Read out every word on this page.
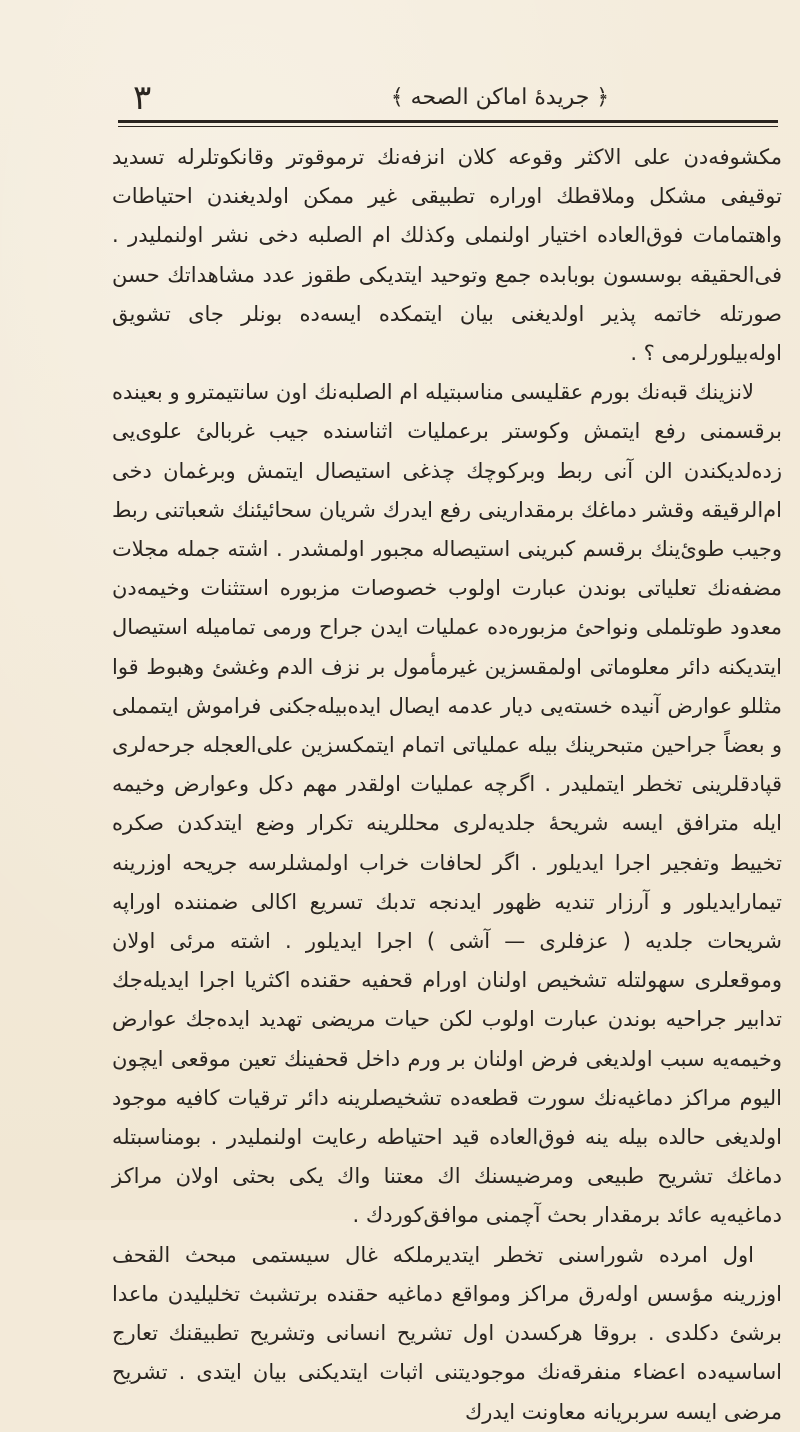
٣	﴿ جريدهٔ اماكن الصحه ﴾

مكشوفه‌دن على الاكثر وقوعه كلان انزفه‌نك ترموقوتر وقانكوتلرله تسديد توقيفى مشكل وملاقطك اوراره تطبيقى غير ممكن اولديغندن احتياطات واهتمامات فوق‌العاده اختيار اولنملى وكذلك ام الصلبه دخى نشر اولنمليدر . فى‌الحقيقه بوسسون بوبابده جمع وتوحيد ايتديكى طقوز عدد مشاهداتك حسن صورتله خاتمه پذير اولديغنى بيان ايتمكده ايسه‌ده بونلر جاى تشويق اوله‌بيلورلرمى ؟ .

لانزينك قبه‌نك بورم عقليسى مناسبتيله ام الصلبه‌نك اون سانتيمترو و بعينده برقسمنى رفع ايتمش وكوستر برعمليات اثناسنده جيب غربالئ علوى‌يى زده‌لديكندن الن آنى ربط وبركوچك چذغى استيصال ايتمش وبرغمان دخى ام‌الرقيقه وقشر دماغك برمقدارينى رفع ايدرك شريان سحائيئنك شعباتنى ربط وجيب طوئ‌ينك برقسم كبرينى استيصاله مجبور اولمشدر . اشته جمله مجلات مضفه‌نك تعلياتى بوندن عبارت اولوب خصوصات مزبوره استثنات وخيمه‌دن معدود طوتلملى ونواحئ مزبوره‌ده عمليات ايدن جراح ورمى تماميله استيصال ايتديكنه دائر معلوماتى اولمقسزين غيرمأمول بر نزف الدم وغشئ وهبوط قوا مثللو عوارض آنيده خسته‌يى ديار عدمه ايصال ايده‌بيله‌جكنى فراموش ايتمملى و بعضاً جراحين متبحرينك بيله عملياتى اتمام ايتمكسزين على‌العجله جرحه‌لرى قپادقلرينى تخطر ايتمليدر . اگرچه عمليات اولقدر مهم دكل وعوارض وخيمه ايله مترافق ايسه شريحهٔ جلديه‌لرى محللرينه تكرار وضع ايتدكدن صكره تخييط وتفجير اجرا ايديلور . اگر لحافات خراب اولمشلرسه جريحه اوزرينه تيمارايديلور و آرزار تنديه ظهور ايدنجه تدبك تسريع اكالى ضمننده اوراپه شريحات جلديه ( عزفلرى — آشى ) اجرا ايديلور . اشته مرئى اولان وموقعلرى سهولتله تشخيص اولنان اورام قحفيه حقنده اكثريا اجرا ايديله‌جك تدابير جراحيه بوندن عبارت اولوب لكن حيات مريضى تهديد ايده‌جك عوارض وخيمه‌يه سبب اولديغى فرض اولنان بر ورم داخل قحفينك تعين موقعى ايچون اليوم مراكز دماغيه‌نك سورت قطعه‌ده تشخيصلرينه دائر ترقيات كافيه موجود اولديغى حالده بيله ينه فوق‌العاده قيد احتياطه رعايت اولنمليدر . بومناسبتله دماغك تشريح طبيعى ومرضيسنك اك معتنا واك يكى بحثى اولان مراكز دماغيه‌يه عائد برمقدار بحث آچمنى موافق‌كوردك .

اول امرده شوراسنى تخطر ايتديرملكه غال سيستمى مبحث القحف اوزرينه مؤسس اوله‌رق مراكز ومواقع دماغيه حقنده برتشبث تخليليدن ماعدا برشئ دكلدى . بروقا هركسدن اول تشريح انسانى وتشريح تطبيقنك تعارج اساسيه‌ده اعضاء منفرقه‌نك موجوديتنى اثبات ايتديكنى بيان ايتدى . تشريح مرضى ايسه سربريانه معاونت ايدرك
